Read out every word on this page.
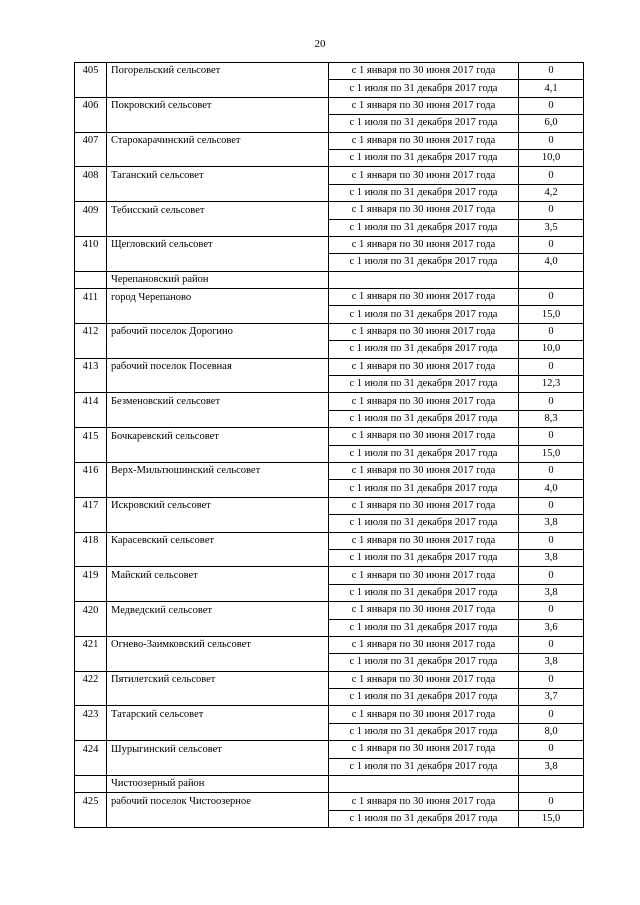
20
405	Погорельский сельсовет	с 1 января по 30 июня 2017 года	0
		с 1 июля по 31 декабря 2017 года	4,1
406	Покровский сельсовет	с 1 января по 30 июня 2017 года	0
		с 1 июля по 31 декабря 2017 года	6,0
407	Старокарачинский сельсовет	с 1 января по 30 июня 2017 года	0
		с 1 июля по 31 декабря 2017 года	10,0
408	Таганский сельсовет	с 1 января по 30 июня 2017 года	0
		с 1 июля по 31 декабря 2017 года	4,2
409	Тебисский сельсовет	с 1 января по 30 июня 2017 года	0
		с 1 июля по 31 декабря 2017 года	3,5
410	Щегловский сельсовет	с 1 января по 30 июня 2017 года	0
		с 1 июля по 31 декабря 2017 года	4,0
	Черепановский район		
411	город Черепаново	с 1 января по 30 июня 2017 года	0
		с 1 июля по 31 декабря 2017 года	15,0
412	рабочий поселок Дорогино	с 1 января по 30 июня 2017 года	0
		с 1 июля по 31 декабря 2017 года	10,0
413	рабочий поселок Посевная	с 1 января по 30 июня 2017 года	0
		с 1 июля по 31 декабря 2017 года	12,3
414	Безменовский сельсовет	с 1 января по 30 июня 2017 года	0
		с 1 июля по 31 декабря 2017 года	8,3
415	Бочкаревский сельсовет	с 1 января по 30 июня 2017 года	0
		с 1 июля по 31 декабря 2017 года	15,0
416	Верх-Мильтюшинский сельсовет	с 1 января по 30 июня 2017 года	0
		с 1 июля по 31 декабря 2017 года	4,0
417	Искровский сельсовет	с 1 января по 30 июня 2017 года	0
		с 1 июля по 31 декабря 2017 года	3,8
418	Карасевский сельсовет	с 1 января по 30 июня 2017 года	0
		с 1 июля по 31 декабря 2017 года	3,8
419	Майский сельсовет	с 1 января по 30 июня 2017 года	0
		с 1 июля по 31 декабря 2017 года	3,8
420	Медведский сельсовет	с 1 января по 30 июня 2017 года	0
		с 1 июля по 31 декабря 2017 года	3,6
421	Огнево-Заимковский сельсовет	с 1 января по 30 июня 2017 года	0
		с 1 июля по 31 декабря 2017 года	3,8
422	Пятилетский сельсовет	с 1 января по 30 июня 2017 года	0
		с 1 июля по 31 декабря 2017 года	3,7
423	Татарский сельсовет	с 1 января по 30 июня 2017 года	0
		с 1 июля по 31 декабря 2017 года	8,0
424	Шурыгинский сельсовет	с 1 января по 30 июня 2017 года	0
		с 1 июля по 31 декабря 2017 года	3,8
	Чистоозерный район		
425	рабочий поселок Чистоозерное	с 1 января по 30 июня 2017 года	0
		с 1 июля по 31 декабря 2017 года	15,0
